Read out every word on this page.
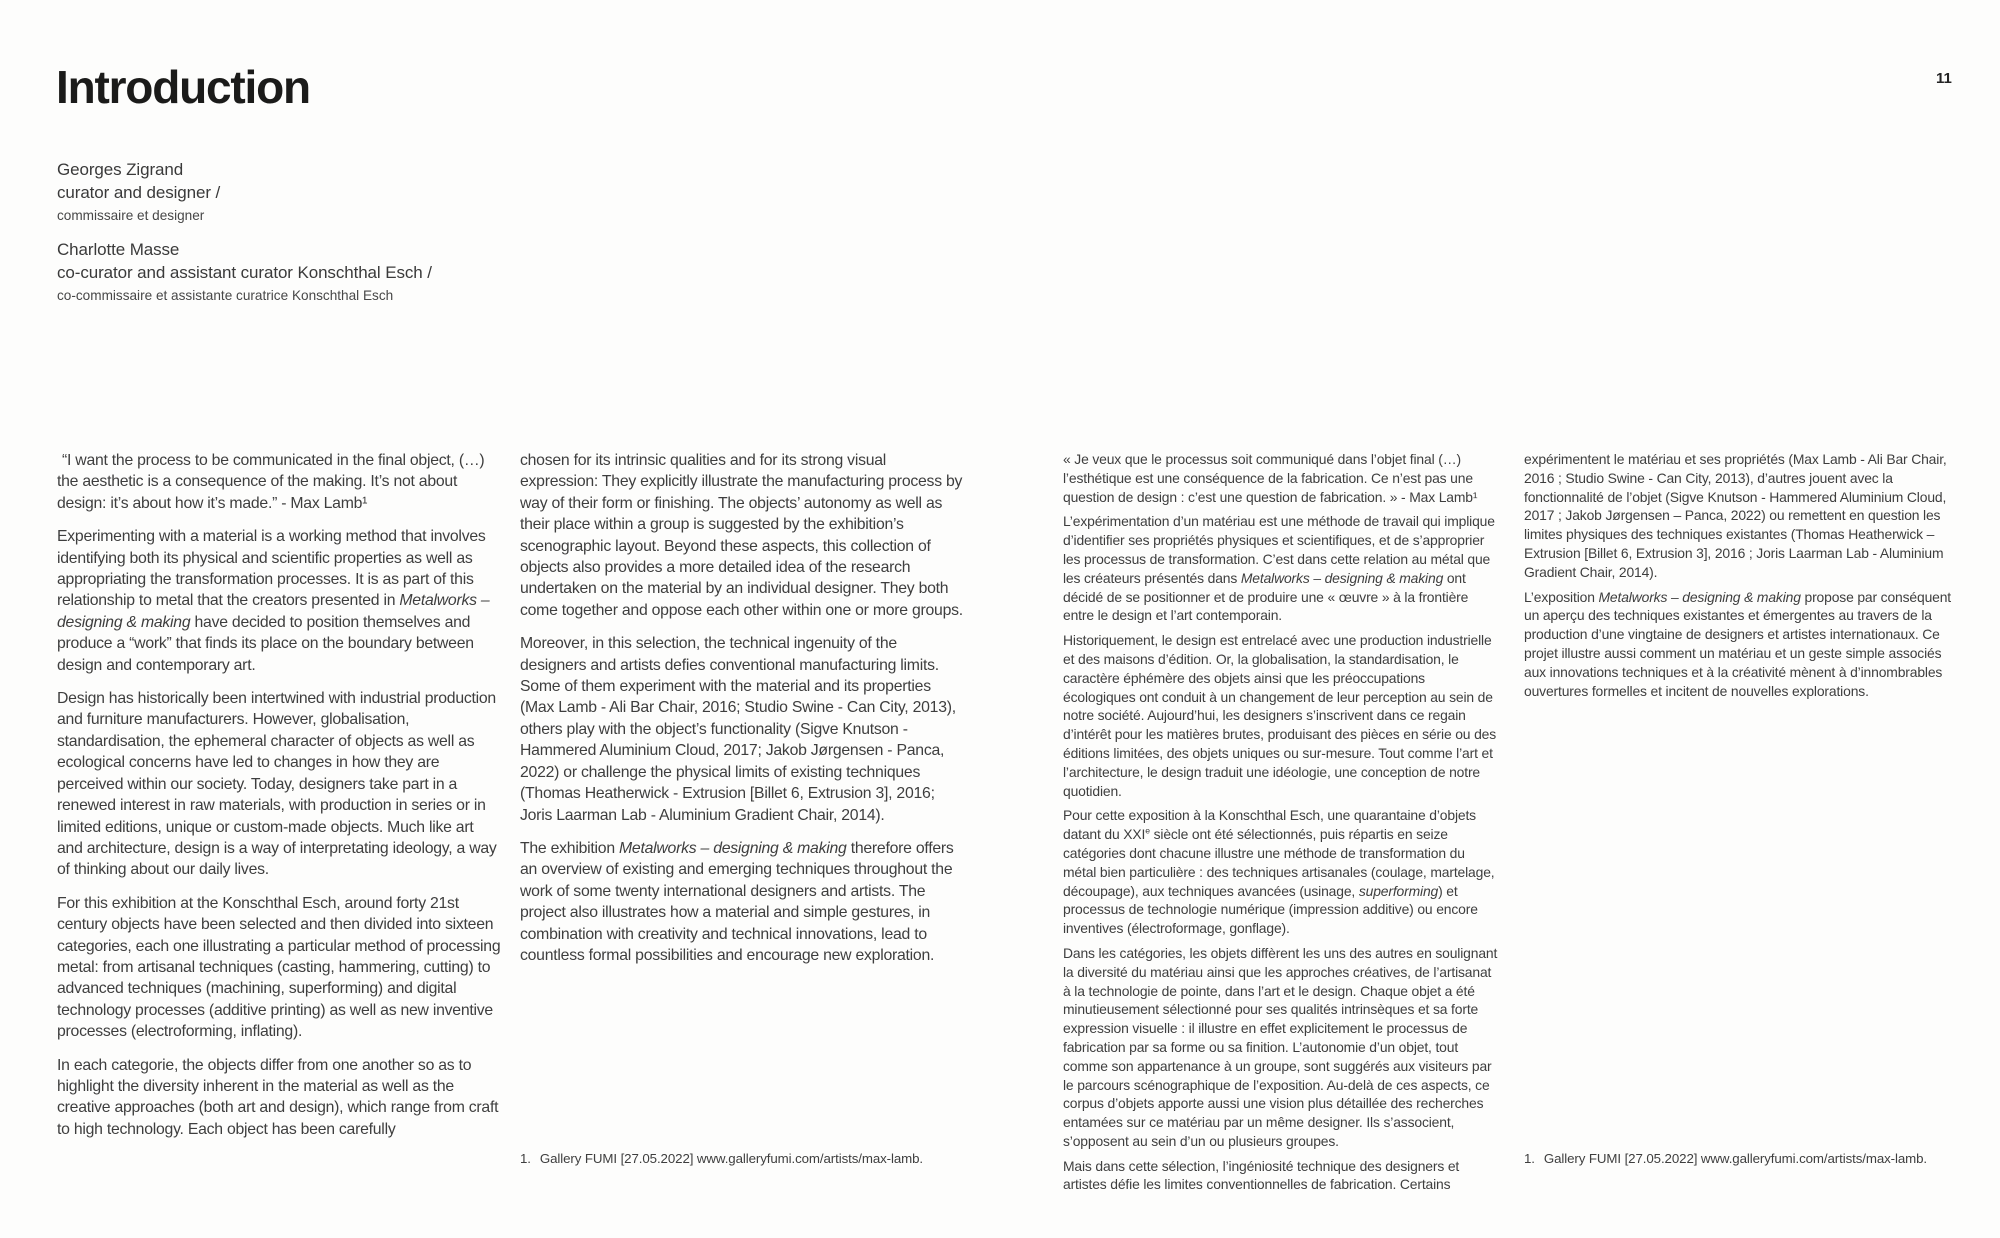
Introduction	11
Georges Zigrand
curator and designer /
commissaire et designer
Charlotte Masse
co-curator and assistant curator Konschthal Esch /
co-commissaire et assistante curatrice Konschthal Esch

“I want the process to be communicated in the final object, (…) the aesthetic is a consequence of the making. It’s not about design: it’s about how it’s made.” - Max Lamb¹

Experimenting with a material is a working method that involves identifying both its physical and scientific properties as well as appropriating the transformation processes. It is as part of this relationship to metal that the creators presented in Metalworks – designing & making have decided to position themselves and produce a “work” that finds its place on the boundary between design and contemporary art.

Design has historically been intertwined with industrial production and furniture manufacturers. However, globalisation, standardisation, the ephemeral character of objects as well as ecological concerns have led to changes in how they are perceived within our society. Today, designers take part in a renewed interest in raw materials, with production in series or in limited editions, unique or custom-made objects. Much like art and architecture, design is a way of interpretating ideology, a way of thinking about our daily lives.

For this exhibition at the Konschthal Esch, around forty 21st century objects have been selected and then divided into sixteen categories, each one illustrating a particular method of processing metal: from artisanal techniques (casting, hammering, cutting) to advanced techniques (machining, superforming) and digital technology processes (additive printing) as well as new inventive processes (electroforming, inflating).

In each categorie, the objects differ from one another so as to highlight the diversity inherent in the material as well as the creative approaches (both art and design), which range from craft to high technology. Each object has been carefully

chosen for its intrinsic qualities and for its strong visual expression: They explicitly illustrate the manufacturing process by way of their form or finishing. The objects’ autonomy as well as their place within a group is suggested by the exhibition’s scenographic layout. Beyond these aspects, this collection of objects also provides a more detailed idea of the research undertaken on the material by an individual designer. They both come together and oppose each other within one or more groups.

Moreover, in this selection, the technical ingenuity of the designers and artists defies conventional manufacturing limits. Some of them experiment with the material and its properties (Max Lamb - Ali Bar Chair, 2016; Studio Swine - Can City, 2013), others play with the object’s functionality (Sigve Knutson - Hammered Aluminium Cloud, 2017; Jakob Jørgensen - Panca, 2022) or challenge the physical limits of existing techniques (Thomas Heatherwick - Extrusion [Billet 6, Extrusion 3], 2016; Joris Laarman Lab - Aluminium Gradient Chair, 2014).

The exhibition Metalworks – designing & making therefore offers an overview of existing and emerging techniques throughout the work of some twenty international designers and artists. The project also illustrates how a material and simple gestures, in combination with creativity and technical innovations, lead to countless formal possibilities and encourage new exploration.

« Je veux que le processus soit communiqué dans l’objet final (…) l’esthétique est une conséquence de la fabrication. Ce n’est pas une question de design : c’est une question de fabrication. » - Max Lamb¹

L’expérimentation d’un matériau est une méthode de travail qui implique d’identifier ses propriétés physiques et scientifiques, et de s’approprier les processus de transformation. C’est dans cette relation au métal que les créateurs présentés dans Metalworks – designing & making ont décidé de se positionner et de produire une « œuvre » à la frontière entre le design et l’art contemporain.

Historiquement, le design est entrelacé avec une production industrielle et des maisons d’édition. Or, la globalisation, la standardisation, le caractère éphémère des objets ainsi que les préoccupations écologiques ont conduit à un changement de leur perception au sein de notre société. Aujourd’hui, les designers s’inscrivent dans ce regain d’intérêt pour les matières brutes, produisant des pièces en série ou des éditions limitées, des objets uniques ou sur-mesure. Tout comme l’art et l’architecture, le design traduit une idéologie, une conception de notre quotidien.

Pour cette exposition à la Konschthal Esch, une quarantaine d’objets datant du XXIe siècle ont été sélectionnés, puis répartis en seize catégories dont chacune illustre une méthode de transformation du métal bien particulière : des techniques artisanales (coulage, martelage, découpage), aux techniques avancées (usinage, superforming) et processus de technologie numérique (impression additive) ou encore inventives (électroformage, gonflage).

Dans les catégories, les objets diffèrent les uns des autres en soulignant la diversité du matériau ainsi que les approches créatives, de l’artisanat à la technologie de pointe, dans l’art et le design. Chaque objet a été minutieusement sélectionné pour ses qualités intrinsèques et sa forte expression visuelle : il illustre en effet explicitement le processus de fabrication par sa forme ou sa finition. L’autonomie d’un objet, tout comme son appartenance à un groupe, sont suggérés aux visiteurs par le parcours scénographique de l’exposition. Au-delà de ces aspects, ce corpus d’objets apporte aussi une vision plus détaillée des recherches entamées sur ce matériau par un même designer. Ils s’associent, s’opposent au sein d’un ou plusieurs groupes.

Mais dans cette sélection, l’ingéniosité technique des designers et artistes défie les limites conventionnelles de fabrication. Certains

expérimentent le matériau et ses propriétés (Max Lamb - Ali Bar Chair, 2016 ; Studio Swine - Can City, 2013), d’autres jouent avec la fonctionnalité de l’objet (Sigve Knutson - Hammered Aluminium Cloud, 2017 ; Jakob Jørgensen – Panca, 2022) ou remettent en question les limites physiques des techniques existantes (Thomas Heatherwick – Extrusion [Billet 6, Extrusion 3], 2016 ; Joris Laarman Lab - Aluminium Gradient Chair, 2014).

L’exposition Metalworks – designing & making propose par conséquent un aperçu des techniques existantes et émergentes au travers de la production d’une vingtaine de designers et artistes internationaux. Ce projet illustre aussi comment un matériau et un geste simple associés aux innovations techniques et à la créativité mènent à d’innombrables ouvertures formelles et incitent de nouvelles explorations.

1. Gallery FUMI [27.05.2022] www.galleryfumi.com/artists/max-lamb.	1. Gallery FUMI [27.05.2022] www.galleryfumi.com/artists/max-lamb.
